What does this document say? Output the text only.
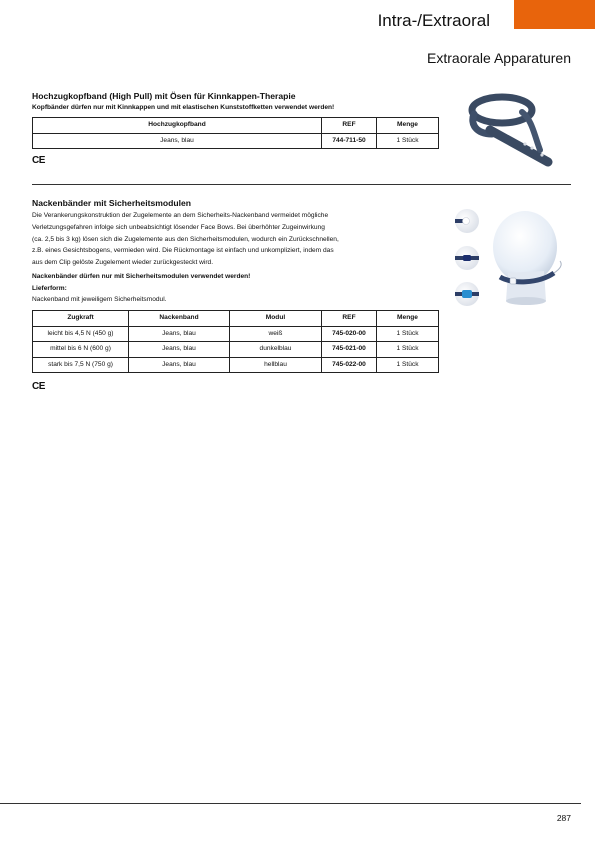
Intra-/Extraoral
Extraorale Apparaturen
Hochzugkopfband (High Pull) mit Ösen für Kinnkappen-Therapie
Kopfbänder dürfen nur mit Kinnkappen und mit elastischen Kunststoffketten verwendet werden!
Hochzugkopfband	REF	Menge
Jeans, blau	744-711-50	1 Stück
CE
Nackenbänder mit Sicherheitsmodulen
Die Verankerungskonstruktion der Zugelemente an dem Sicherheits-Nackenband vermeidet mögliche
Verletzungsgefahren infolge sich unbeabsichtigt lösender Face Bows. Bei überhöhter Zugeinwirkung
(ca. 2,5 bis 3 kg) lösen sich die Zugelemente aus den Sicherheitsmodulen, wodurch ein Zurückschnellen,
z.B. eines Gesichtsbogens, vermieden wird. Die Rückmontage ist einfach und unkompliziert, indem das
aus dem Clip gelöste Zugelement wieder zurückgesteckt wird.
Nackenbänder dürfen nur mit Sicherheitsmodulen verwendet werden!
Lieferform:
Nackenband mit jeweiligem Sicherheitsmodul.
Zugkraft	Nackenband	Modul	REF	Menge
leicht bis 4,5 N (450 g)	Jeans, blau	weiß	745-020-00	1 Stück
mittel bis 6 N (600 g)	Jeans, blau	dunkelblau	745-021-00	1 Stück
stark bis 7,5 N (750 g)	Jeans, blau	hellblau	745-022-00	1 Stück
CE
287
